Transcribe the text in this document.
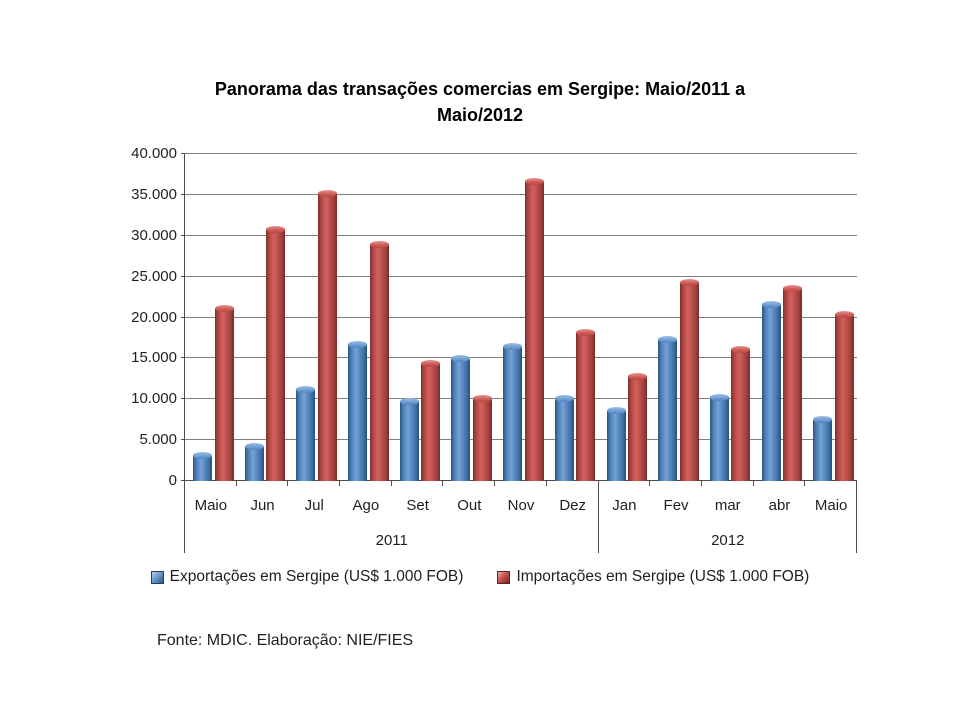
Panorama das transações comercias em Sergipe: Maio/2011 a
Maio/2012
Exportações em Sergipe (US$ 1.000 FOB)	Importações em Sergipe (US$ 1.000 FOB)
Fonte: MDIC. Elaboração: NIE/FIES
0
5.000
10.000
15.000
20.000
25.000
30.000
35.000
40.000
Maio	Jun	Jul	Ago	Set	Out	Nov	Dez	Jan	Fev	mar	abr	Maio
2011	2012
